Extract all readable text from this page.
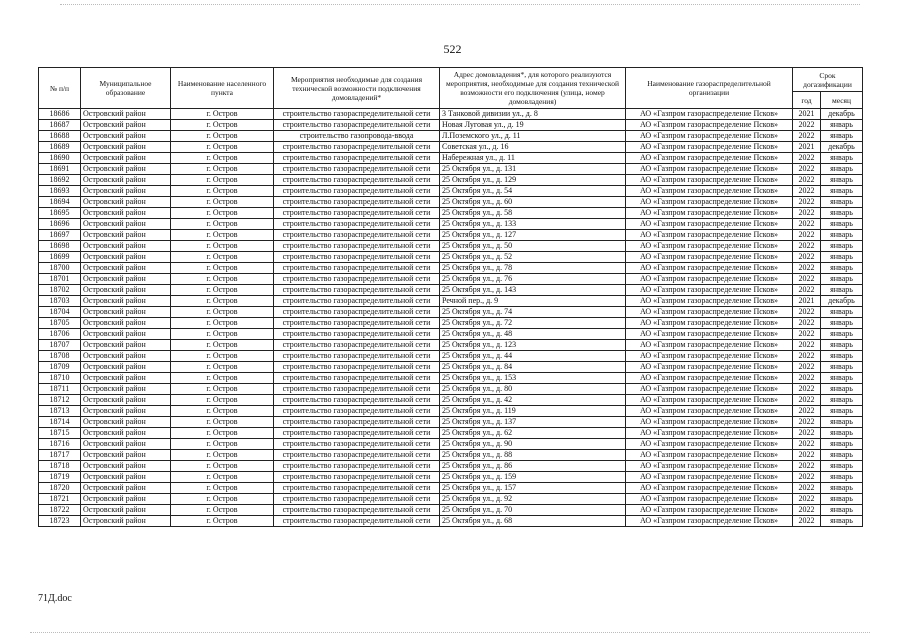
522
№ п/п	Муниципальное образование	Наименование населенного пункта	Мероприятия необходимые для создания технической возможности подключения домовладений*	Адрес домовладения*, для которого реализуются мероприятия, необходимые для создания технической возможности его подключения (улица, номер домовладения)	Наименование газораспределительной организации	Срок догазификации	
						год	месяц
18686	Островский район	г. Остров	строительство газораспределительной сети	3 Танковой дивизии ул., д. 8	АО «Газпром газораспределение Псков»	2021	декабрь
18687	Островский район	г. Остров	строительство газораспределительной сети	Новая Луговая ул., д. 19	АО «Газпром газораспределение Псков»	2022	январь
18688	Островский район	г. Остров	строительство газопровода-ввода	Л.Поземского ул., д. 11	АО «Газпром газораспределение Псков»	2022	январь
18689	Островский район	г. Остров	строительство газораспределительной сети	Советская ул., д. 16	АО «Газпром газораспределение Псков»	2021	декабрь
18690	Островский район	г. Остров	строительство газораспределительной сети	Набережная ул., д. 11	АО «Газпром газораспределение Псков»	2022	январь
18691	Островский район	г. Остров	строительство газораспределительной сети	25 Октября ул., д. 131	АО «Газпром газораспределение Псков»	2022	январь
18692	Островский район	г. Остров	строительство газораспределительной сети	25 Октября ул., д. 129	АО «Газпром газораспределение Псков»	2022	январь
18693	Островский район	г. Остров	строительство газораспределительной сети	25 Октября ул., д. 54	АО «Газпром газораспределение Псков»	2022	январь
18694	Островский район	г. Остров	строительство газораспределительной сети	25 Октября ул., д. 60	АО «Газпром газораспределение Псков»	2022	январь
18695	Островский район	г. Остров	строительство газораспределительной сети	25 Октября ул., д. 58	АО «Газпром газораспределение Псков»	2022	январь
18696	Островский район	г. Остров	строительство газораспределительной сети	25 Октября ул., д. 133	АО «Газпром газораспределение Псков»	2022	январь
18697	Островский район	г. Остров	строительство газораспределительной сети	25 Октября ул., д. 127	АО «Газпром газораспределение Псков»	2022	январь
18698	Островский район	г. Остров	строительство газораспределительной сети	25 Октября ул., д. 50	АО «Газпром газораспределение Псков»	2022	январь
18699	Островский район	г. Остров	строительство газораспределительной сети	25 Октября ул., д. 52	АО «Газпром газораспределение Псков»	2022	январь
18700	Островский район	г. Остров	строительство газораспределительной сети	25 Октября ул., д. 78	АО «Газпром газораспределение Псков»	2022	январь
18701	Островский район	г. Остров	строительство газораспределительной сети	25 Октября ул., д. 76	АО «Газпром газораспределение Псков»	2022	январь
18702	Островский район	г. Остров	строительство газораспределительной сети	25 Октября ул., д. 143	АО «Газпром газораспределение Псков»	2022	январь
18703	Островский район	г. Остров	строительство газораспределительной сети	Речной пер., д. 9	АО «Газпром газораспределение Псков»	2021	декабрь
18704	Островский район	г. Остров	строительство газораспределительной сети	25 Октября ул., д. 74	АО «Газпром газораспределение Псков»	2022	январь
18705	Островский район	г. Остров	строительство газораспределительной сети	25 Октября ул., д. 72	АО «Газпром газораспределение Псков»	2022	январь
18706	Островский район	г. Остров	строительство газораспределительной сети	25 Октября ул., д. 48	АО «Газпром газораспределение Псков»	2022	январь
18707	Островский район	г. Остров	строительство газораспределительной сети	25 Октября ул., д. 123	АО «Газпром газораспределение Псков»	2022	январь
18708	Островский район	г. Остров	строительство газораспределительной сети	25 Октября ул., д. 44	АО «Газпром газораспределение Псков»	2022	январь
18709	Островский район	г. Остров	строительство газораспределительной сети	25 Октября ул., д. 84	АО «Газпром газораспределение Псков»	2022	январь
18710	Островский район	г. Остров	строительство газораспределительной сети	25 Октября ул., д. 153	АО «Газпром газораспределение Псков»	2022	январь
18711	Островский район	г. Остров	строительство газораспределительной сети	25 Октября ул., д. 80	АО «Газпром газораспределение Псков»	2022	январь
18712	Островский район	г. Остров	строительство газораспределительной сети	25 Октября ул., д. 42	АО «Газпром газораспределение Псков»	2022	январь
18713	Островский район	г. Остров	строительство газораспределительной сети	25 Октября ул., д. 119	АО «Газпром газораспределение Псков»	2022	январь
18714	Островский район	г. Остров	строительство газораспределительной сети	25 Октября ул., д. 137	АО «Газпром газораспределение Псков»	2022	январь
18715	Островский район	г. Остров	строительство газораспределительной сети	25 Октября ул., д. 62	АО «Газпром газораспределение Псков»	2022	январь
18716	Островский район	г. Остров	строительство газораспределительной сети	25 Октября ул., д. 90	АО «Газпром газораспределение Псков»	2022	январь
18717	Островский район	г. Остров	строительство газораспределительной сети	25 Октября ул., д. 88	АО «Газпром газораспределение Псков»	2022	январь
18718	Островский район	г. Остров	строительство газораспределительной сети	25 Октября ул., д. 86	АО «Газпром газораспределение Псков»	2022	январь
18719	Островский район	г. Остров	строительство газораспределительной сети	25 Октября ул., д. 159	АО «Газпром газораспределение Псков»	2022	январь
18720	Островский район	г. Остров	строительство газораспределительной сети	25 Октября ул., д. 157	АО «Газпром газораспределение Псков»	2022	январь
18721	Островский район	г. Остров	строительство газораспределительной сети	25 Октября ул., д. 92	АО «Газпром газораспределение Псков»	2022	январь
18722	Островский район	г. Остров	строительство газораспределительной сети	25 Октября ул., д. 70	АО «Газпром газораспределение Псков»	2022	январь
18723	Островский район	г. Остров	строительство газораспределительной сети	25 Октября ул., д. 68	АО «Газпром газораспределение Псков»	2022	январь
71Д.doc
